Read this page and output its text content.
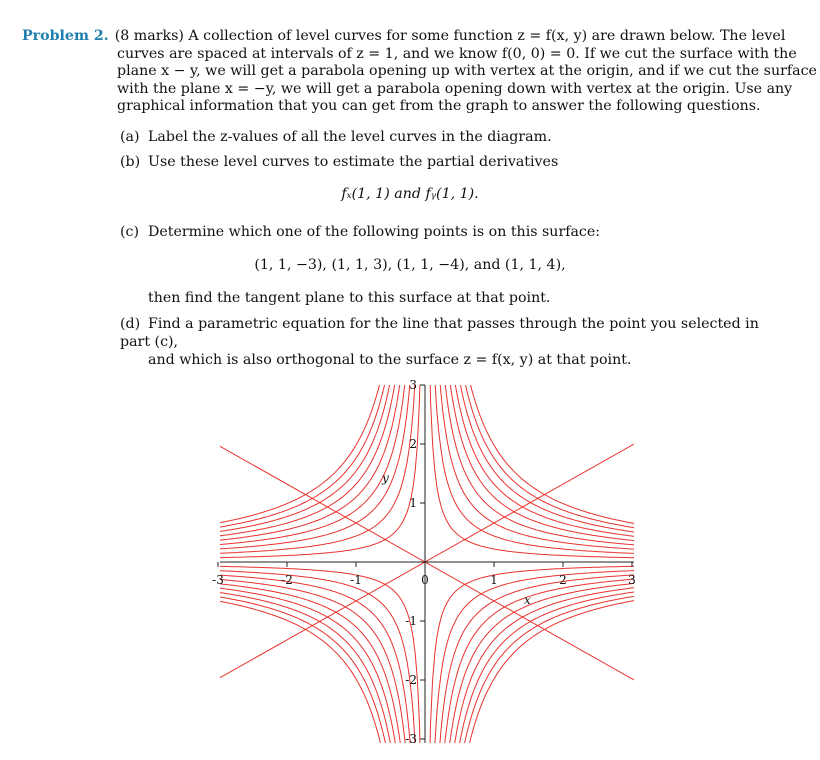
Problem 2. (8 marks) A collection of level curves for some function z = f(x, y) are drawn below. The level
curves are spaced at intervals of z = 1, and we know f(0, 0) = 0. If we cut the surface with the
plane x − y, we will get a parabola opening up with vertex at the origin, and if we cut the surface
with the plane x = −y, we will get a parabola opening down with vertex at the origin. Use any
graphical information that you can get from the graph to answer the following questions.
(a) Label the z-values of all the level curves in the diagram.
(b) Use these level curves to estimate the partial derivatives
fₓ(1, 1) and fᵧ(1, 1).
(c) Determine which one of the following points is on this surface:
(1, 1, −3), (1, 1, 3), (1, 1, −4), and (1, 1, 4),
then find the tangent plane to this surface at that point.
(d) Find a parametric equation for the line that passes through the point you selected in part (c),
and which is also orthogonal to the surface z = f(x, y) at that point.
-3	-2	-1	0	1	2	3
3
2
1
-1
-2
-3
x
y
